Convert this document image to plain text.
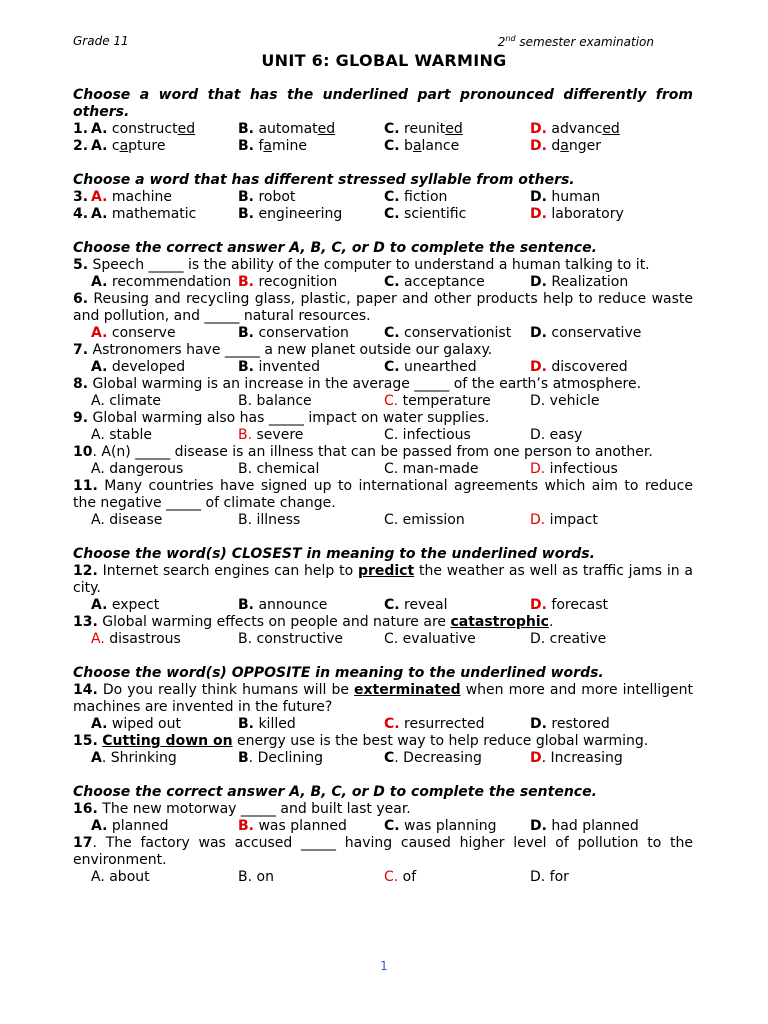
Grade 11	2nd semester examination
UNIT 6: GLOBAL WARMING
Choose a word that has the underlined part pronounced differently from others.
1. A. constructed	B. automated	C. reunited	D. advanced
2. A. capture	B. famine	C. balance	D. danger
Choose a word that has different stressed syllable from others.
3. A. machine	B. robot	C. fiction	D. human
4. A. mathematic	B. engineering	C. scientific	D. laboratory
Choose the correct answer A, B, C, or D to complete the sentence.
5. Speech _____ is the ability of the computer to understand a human talking to it.
A. recommendation B. recognition	C. acceptance	D. Realization
6. Reusing and recycling glass, plastic, paper and other products help to reduce waste and pollution, and _____ natural resources.
A. conserve	B. conservation	C. conservationist	D. conservative
7. Astronomers have _____ a new planet outside our galaxy.
A. developed	B. invented	C. unearthed	D. discovered
8. Global warming is an increase in the average _____ of the earth’s atmosphere.
A. climate	B. balance	C. temperature	D. vehicle
9. Global warming also has _____ impact on water supplies.
A. stable	B. severe	C. infectious	D. easy
10. A(n) _____ disease is an illness that can be passed from one person to another.
A. dangerous	B. chemical	C. man-made	D. infectious
11. Many countries have signed up to international agreements which aim to reduce the negative _____ of climate change.
A. disease	B. illness	C. emission	D. impact
Choose the word(s) CLOSEST in meaning to the underlined words.
12. Internet search engines can help to predict the weather as well as traffic jams in a city.
A. expect	B. announce	C. reveal	D. forecast
13. Global warming effects on people and nature are catastrophic.
A. disastrous	B. constructive	C. evaluative	D. creative
Choose the word(s) OPPOSITE in meaning to the underlined words.
14. Do you really think humans will be exterminated when more and more intelligent machines are invented in the future?
A. wiped out	B. killed	C. resurrected	D. restored
15. Cutting down on energy use is the best way to help reduce global warming.
A. Shrinking	B. Declining	C. Decreasing	D. Increasing
Choose the correct answer A, B, C, or D to complete the sentence.
16. The new motorway _____ and built last year.
A. planned	B. was planned	C. was planning	D. had planned
17. The factory was accused _____ having caused higher level of pollution to the environment.
A. about	B. on	C. of	D. for
1
